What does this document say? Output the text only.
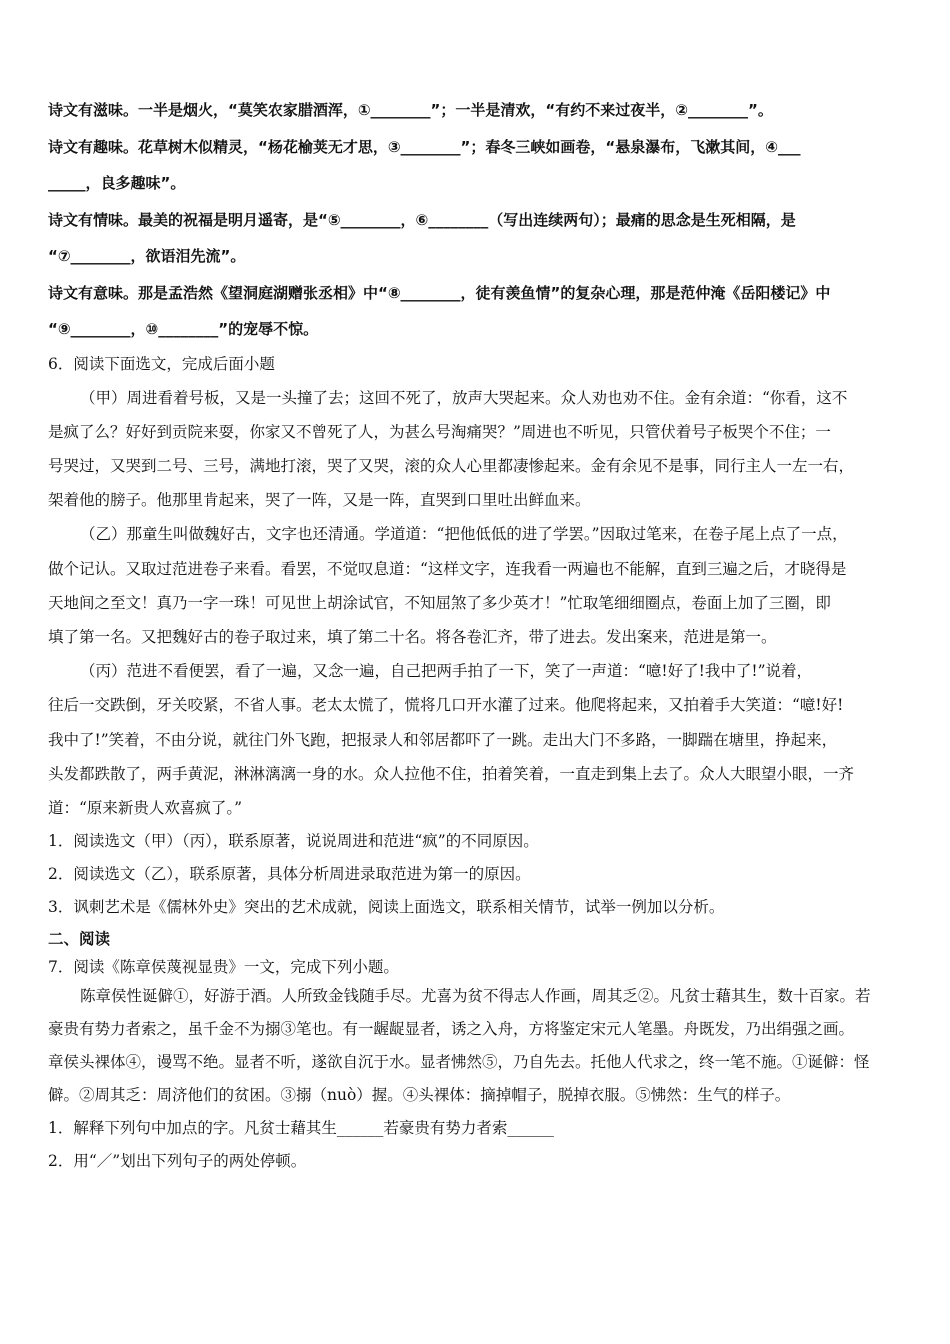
诗文有滋味。一半是烟火，“莫笑农家腊酒浑，①________”；一半是清欢，“有约不来过夜半，②________”。
诗文有趣味。花草树木似精灵，“杨花榆荚无才思，③________”；春冬三峡如画卷，“悬泉瀑布，飞漱其间，④___
_____，良多趣味”。
诗文有情味。最美的祝福是明月遥寄，是“⑤________，⑥________（写出连续两句）；最痛的思念是生死相隔，是
“⑦________，欲语泪先流”。
诗文有意味。那是孟浩然《望洞庭湖赠张丞相》中“⑧________，徒有羡鱼情”的复杂心理，那是范仲淹《岳阳楼记》中
“⑨________，⑩________”的宠辱不惊。
6．阅读下面选文，完成后面小题
（甲）周进看着号板，又是一头撞了去；这回不死了，放声大哭起来。众人劝也劝不住。金有余道：“你看，这不
是疯了么？好好到贡院来耍，你家又不曾死了人，为甚么号淘痛哭？”周进也不听见，只管伏着号子板哭个不住；一
号哭过，又哭到二号、三号，满地打滚，哭了又哭，滚的众人心里都凄惨起来。金有余见不是事，同行主人一左一右，
架着他的膀子。他那里肯起来，哭了一阵，又是一阵，直哭到口里吐出鲜血来。
（乙）那童生叫做魏好古，文字也还清通。学道道：“把他低低的进了学罢。”因取过笔来，在卷子尾上点了一点，
做个记认。又取过范进卷子来看。看罢，不觉叹息道：“这样文字，连我看一两遍也不能解，直到三遍之后，才晓得是
天地间之至文！真乃一字一珠！可见世上胡涂试官，不知屈煞了多少英才！”忙取笔细细圈点，卷面上加了三圈，即
填了第一名。又把魏好古的卷子取过来，填了第二十名。将各卷汇齐，带了进去。发出案来，范进是第一。
（丙）范进不看便罢，看了一遍，又念一遍，自己把两手拍了一下，笑了一声道：“噫!好了!我中了!”说着，
往后一交跌倒，牙关咬紧，不省人事。老太太慌了，慌将几口开水灌了过来。他爬将起来，又拍着手大笑道：“噫!好!
我中了!”笑着，不由分说，就往门外飞跑，把报录人和邻居都吓了一跳。走出大门不多路，一脚踹在塘里，挣起来，
头发都跌散了，两手黄泥，淋淋漓漓一身的水。众人拉他不住，拍着笑着，一直走到集上去了。众人大眼望小眼，一齐
道：“原来新贵人欢喜疯了。”
1．阅读选文（甲）（丙），联系原著，说说周进和范进“疯”的不同原因。
2．阅读选文（乙），联系原著，具体分析周进录取范进为第一的原因。
3．讽刺艺术是《儒林外史》突出的艺术成就，阅读上面选文，联系相关情节，试举一例加以分析。
二、阅读
7．阅读《陈章侯蔑视显贵》一文，完成下列小题。
陈章侯性诞僻①，好游于酒。人所致金钱随手尽。尤喜为贫不得志人作画，周其乏②。凡贫士藉其生，数十百家。若
豪贵有势力者索之，虽千金不为搦③笔也。有一龌龊显者，诱之入舟，方将鉴定宋元人笔墨。舟既发，乃出绢强之画。
章侯头裸体④，谩骂不绝。显者不听，遂欲自沉于水。显者怫然⑤，乃自先去。托他人代求之，终一笔不施。①诞僻：怪
僻。②周其乏：周济他们的贫困。③搦（nuò）握。④头裸体：摘掉帽子，脱掉衣服。⑤怫然：生气的样子。
1．解释下列句中加点的字。凡贫士藉其生______若豪贵有势力者索______
2．用“／”划出下列句子的两处停顿。
